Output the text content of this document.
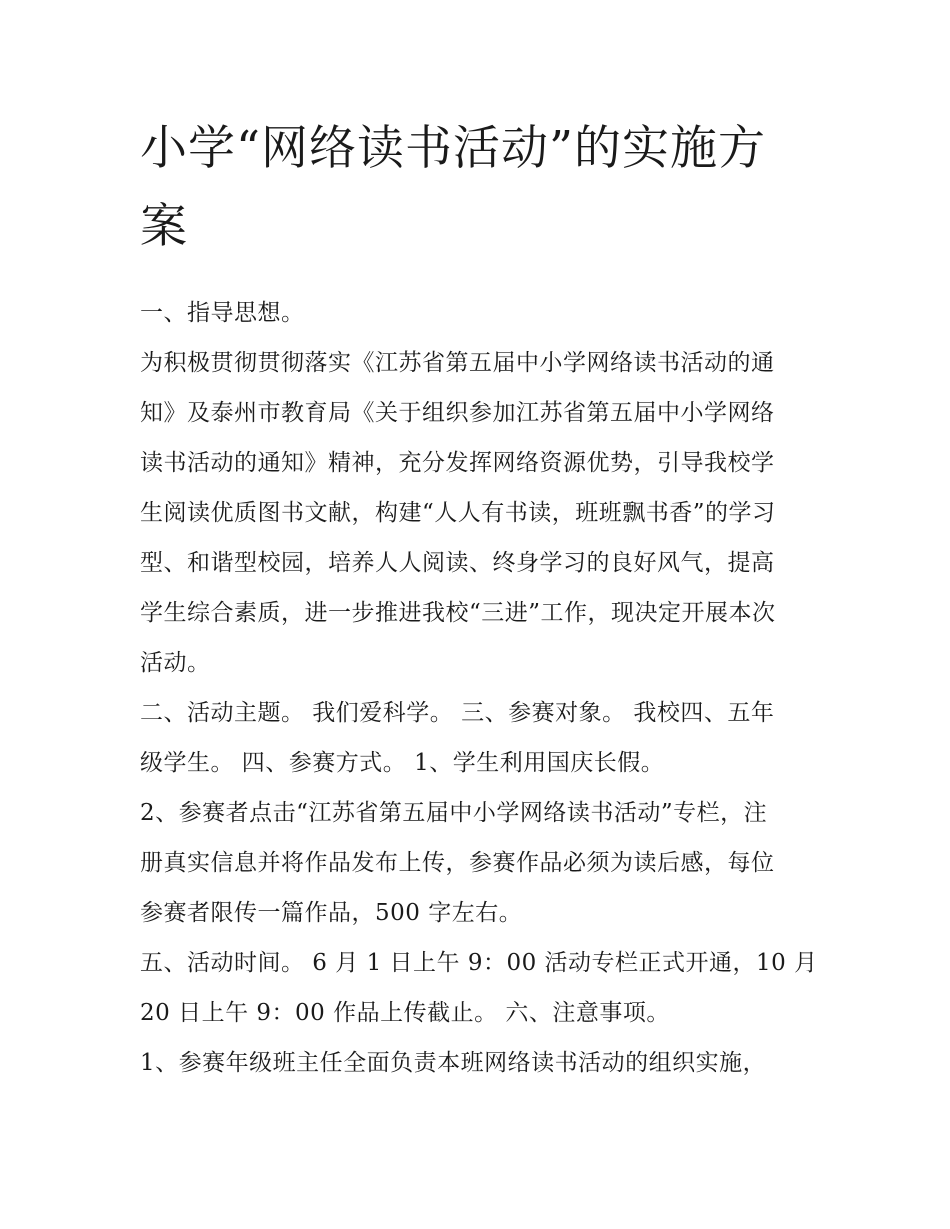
小学“网络读书活动”的实施方
案

一、指导思想。

为积极贯彻贯彻落实《江苏省第五届中小学网络读书活动的通
知》及泰州市教育局《关于组织参加江苏省第五届中小学网络
读书活动的通知》精神，充分发挥网络资源优势，引导我校学
生阅读优质图书文献，构建“人人有书读，班班飘书香”的学习
型、和谐型校园，培养人人阅读、终身学习的良好风气，提高
学生综合素质，进一步推进我校“三进”工作，现决定开展本次
活动。

二、活动主题。 我们爱科学。 三、参赛对象。 我校四、五年
级学生。 四、参赛方式。 1、学生利用国庆长假。

2、参赛者点击“江苏省第五届中小学网络读书活动”专栏，注
册真实信息并将作品发布上传，参赛作品必须为读后感，每位
参赛者限传一篇作品，500 字左右。

五、活动时间。 6 月 1 日上午 9：00 活动专栏正式开通，10 月
20 日上午 9：00 作品上传截止。 六、注意事项。

1、参赛年级班主任全面负责本班网络读书活动的组织实施，
